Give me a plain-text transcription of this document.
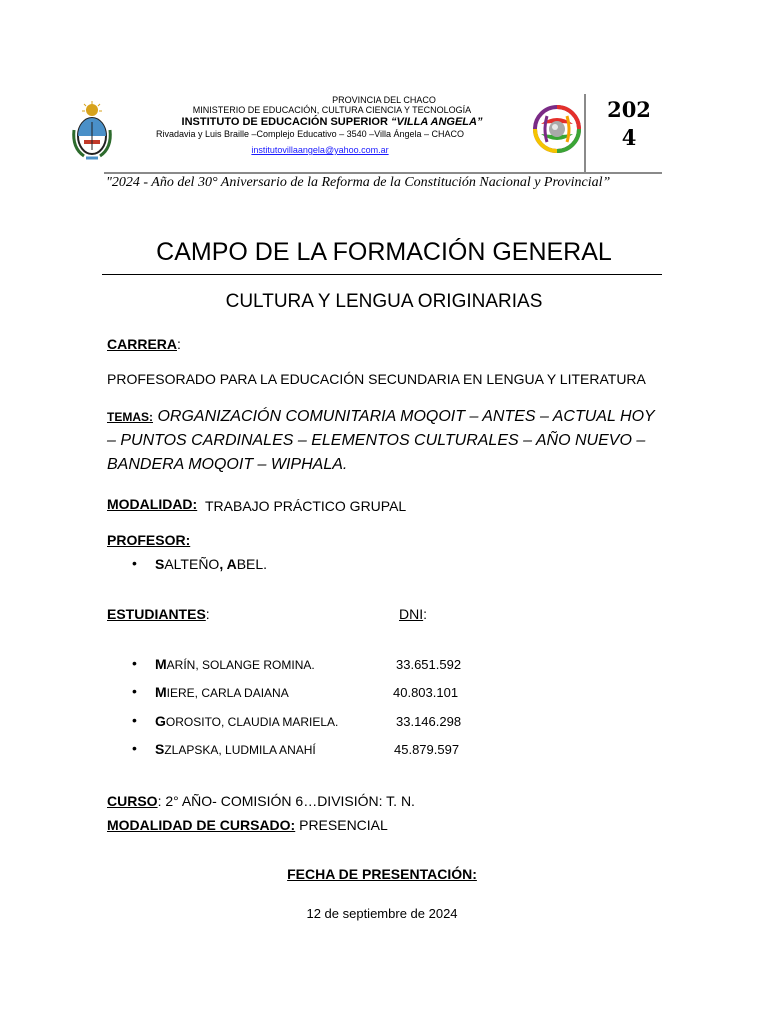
PROVINCIA DEL CHACO
MINISTERIO DE EDUCACIÓN, CULTURA CIENCIA Y TECNOLOGÍA
INSTITUTO DE EDUCACIÓN SUPERIOR “VILLA ANGELA”
Rivadavia y Luis Braille –Complejo Educativo – 3540 –Villa Ángela – CHACO
institutovillaangela@yahoo.com.ar
202
4
"2024 - Año del 30° Aniversario de la Reforma de la Constitución Nacional y Provincial”
CAMPO DE LA FORMACIÓN GENERAL
CULTURA Y LENGUA ORIGINARIAS
CARRERA:
PROFESORADO PARA LA EDUCACIÓN SECUNDARIA EN LENGUA Y LITERATURA
TEMAS: ORGANIZACIÓN COMUNITARIA MOQOIT – ANTES – ACTUAL HOY – PUNTOS CARDINALES – ELEMENTOS CULTURALES – AÑO NUEVO – BANDERA MOQOIT – WIPHALA.
MODALIDAD: TRABAJO PRÁCTICO GRUPAL
PROFESOR:
• SALTEÑO, ABEL.
ESTUDIANTES:	DNI:
• MARÍN, SOLANGE ROMINA.	33.651.592
• MIERE, CARLA DAIANA	40.803.101
• GOROSITO, CLAUDIA MARIELA.	33.146.298
• SZLAPSKA, LUDMILA ANAHÍ	45.879.597
CURSO: 2° AÑO- COMISIÓN 6…DIVISIÓN: T. N.
MODALIDAD DE CURSADO: PRESENCIAL
FECHA DE PRESENTACIÓN:
12 de septiembre de 2024
